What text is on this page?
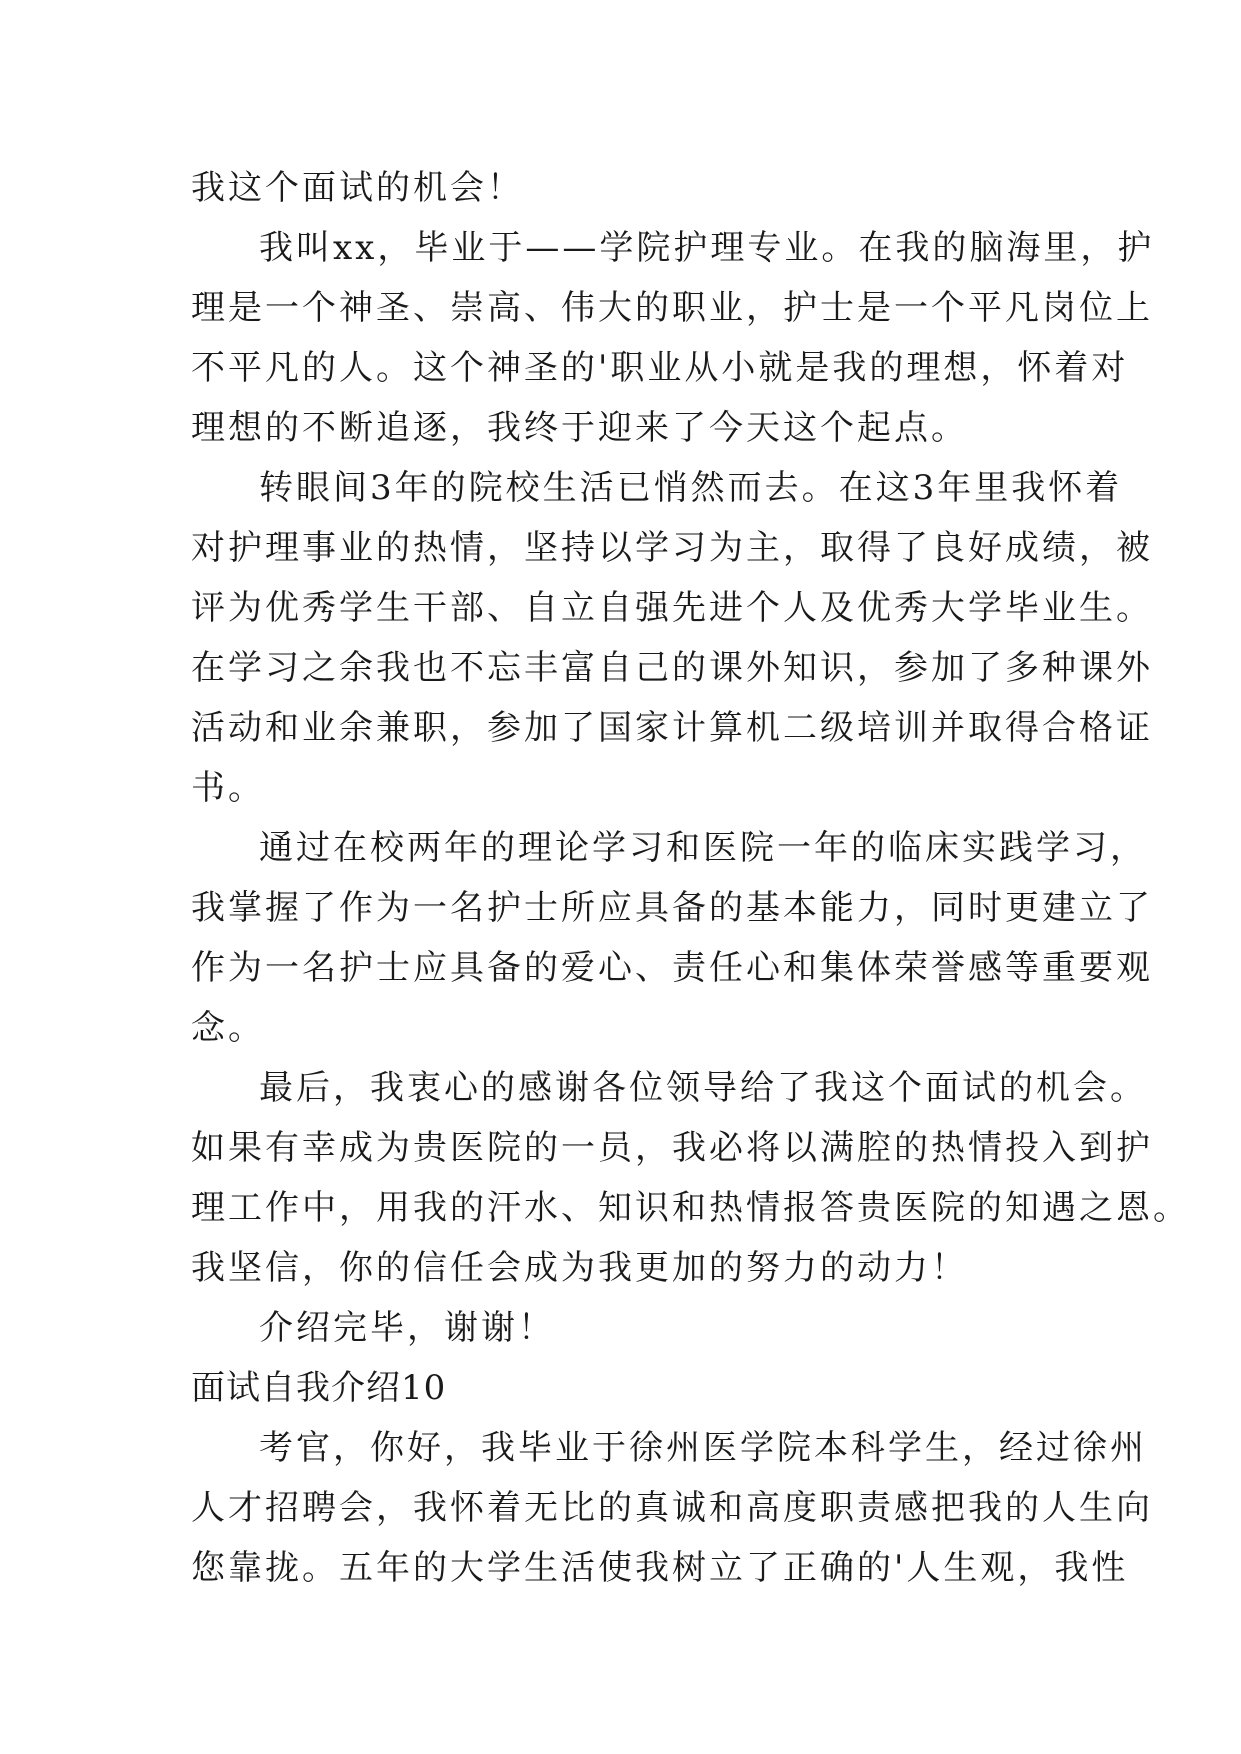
我这个面试的机会！
我叫xx，毕业于——学院护理专业。在我的脑海里，护
理是一个神圣、崇高、伟大的职业，护士是一个平凡岗位上
不平凡的人。这个神圣的'职业从小就是我的理想，怀着对
理想的不断追逐，我终于迎来了今天这个起点。
转眼间3年的院校生活已悄然而去。在这3年里我怀着
对护理事业的热情，坚持以学习为主，取得了良好成绩，被
评为优秀学生干部、自立自强先进个人及优秀大学毕业生。
在学习之余我也不忘丰富自己的课外知识，参加了多种课外
活动和业余兼职，参加了国家计算机二级培训并取得合格证
书。
通过在校两年的理论学习和医院一年的临床实践学习，
我掌握了作为一名护士所应具备的基本能力，同时更建立了
作为一名护士应具备的爱心、责任心和集体荣誉感等重要观
念。
最后，我衷心的感谢各位领导给了我这个面试的机会。
如果有幸成为贵医院的一员，我必将以满腔的热情投入到护
理工作中，用我的汗水、知识和热情报答贵医院的知遇之恩。
我坚信，你的信任会成为我更加的努力的动力！
介绍完毕，谢谢！
面试自我介绍10
考官，你好，我毕业于徐州医学院本科学生，经过徐州
人才招聘会，我怀着无比的真诚和高度职责感把我的人生向
您靠拢。五年的大学生活使我树立了正确的'人生观，我性
